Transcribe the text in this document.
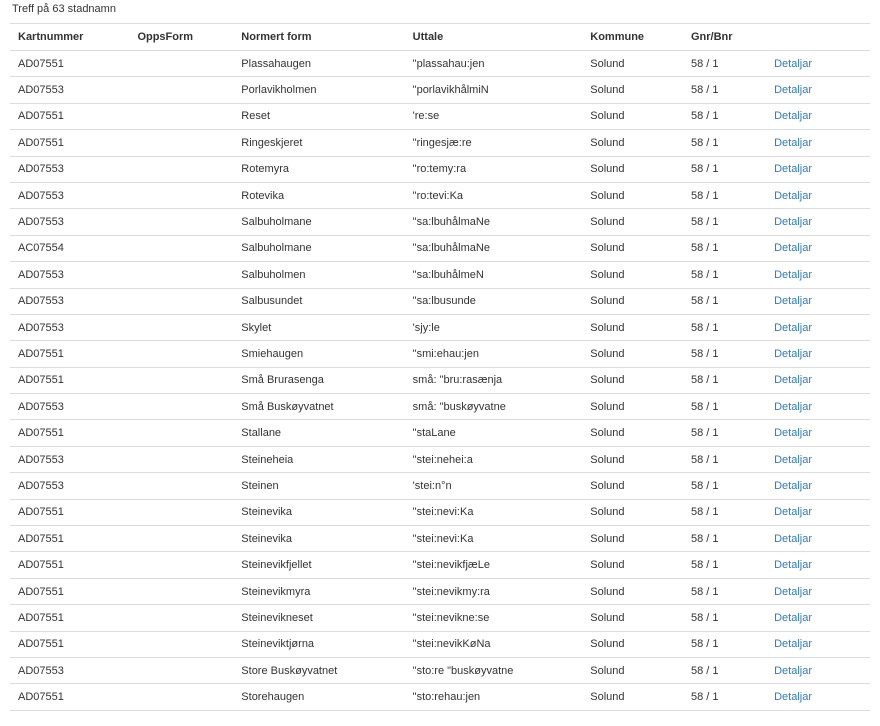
Treff på 63 stadnamn
Kartnummer	OppsForm	Normert form	Uttale	Kommune	Gnr/Bnr	
AD07551		Plassahaugen	"plassahau:jen	Solund	58 / 1	Detaljar
AD07553		Porlavikholmen	"porlavikhålmiN	Solund	58 / 1	Detaljar
AD07551		Reset	're:se	Solund	58 / 1	Detaljar
AD07551		Ringeskjeret	"ringesjæ:re	Solund	58 / 1	Detaljar
AD07553		Rotemyra	"ro:temy:ra	Solund	58 / 1	Detaljar
AD07553		Rotevika	"ro:tevi:Ka	Solund	58 / 1	Detaljar
AD07553		Salbuholmane	"sa:lbuhålmaNe	Solund	58 / 1	Detaljar
AC07554		Salbuholmane	"sa:lbuhålmaNe	Solund	58 / 1	Detaljar
AD07553		Salbuholmen	"sa:lbuhålmeN	Solund	58 / 1	Detaljar
AD07553		Salbusundet	"sa:lbusunde	Solund	58 / 1	Detaljar
AD07553		Skylet	'sjy:le	Solund	58 / 1	Detaljar
AD07551		Smiehaugen	"smi:ehau:jen	Solund	58 / 1	Detaljar
AD07551		Små Brurasenga	små: "bru:rasænja	Solund	58 / 1	Detaljar
AD07553		Små Buskøyvatnet	små: "buskøyvatne	Solund	58 / 1	Detaljar
AD07551		Stallane	"staLane	Solund	58 / 1	Detaljar
AD07553		Steineheia	"stei:nehei:a	Solund	58 / 1	Detaljar
AD07553		Steinen	'stei:n°n	Solund	58 / 1	Detaljar
AD07551		Steinevika	"stei:nevi:Ka	Solund	58 / 1	Detaljar
AD07551		Steinevika	"stei:nevi:Ka	Solund	58 / 1	Detaljar
AD07551		Steinevikfjellet	"stei:nevikfjæLe	Solund	58 / 1	Detaljar
AD07551		Steinevikmyra	"stei:nevikmy:ra	Solund	58 / 1	Detaljar
AD07551		Steinevikneset	"stei:nevikne:se	Solund	58 / 1	Detaljar
AD07551		Steineviktjørna	"stei:nevikKøNa	Solund	58 / 1	Detaljar
AD07553		Store Buskøyvatnet	"sto:re "buskøyvatne	Solund	58 / 1	Detaljar
AD07551		Storehaugen	"sto:rehau:jen	Solund	58 / 1	Detaljar
